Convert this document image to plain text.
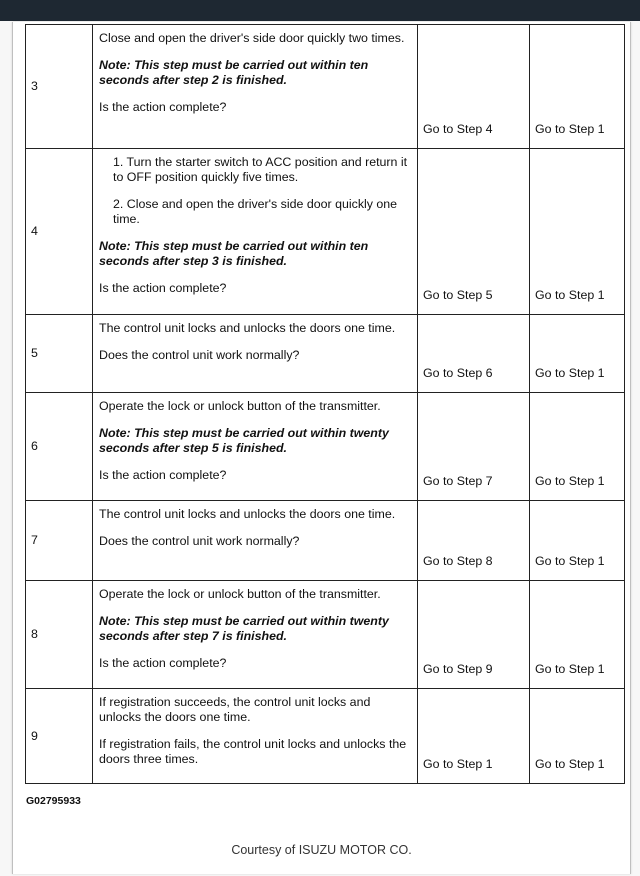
3	Close and open the driver's side door quickly two times.

Note: This step must be carried out within ten seconds after step 2 is finished.

Is the action complete?	Go to Step 4	Go to Step 1
4	1. Turn the starter switch to ACC position and return it to OFF position quickly five times.

2. Close and open the driver's side door quickly one time.

Note: This step must be carried out within ten seconds after step 3 is finished.

Is the action complete?	Go to Step 5	Go to Step 1
5	The control unit locks and unlocks the doors one time.

Does the control unit work normally?	Go to Step 6	Go to Step 1
6	Operate the lock or unlock button of the transmitter.

Note: This step must be carried out within twenty seconds after step 5 is finished.

Is the action complete?	Go to Step 7	Go to Step 1
7	The control unit locks and unlocks the doors one time.

Does the control unit work normally?	Go to Step 8	Go to Step 1
8	Operate the lock or unlock button of the transmitter.

Note: This step must be carried out within twenty seconds after step 7 is finished.

Is the action complete?	Go to Step 9	Go to Step 1
9	If registration succeeds, the control unit locks and unlocks the doors one time.

If registration fails, the control unit locks and unlocks the doors three times.	Go to Step 1	Go to Step 1
G02795933
Courtesy of ISUZU MOTOR CO.
